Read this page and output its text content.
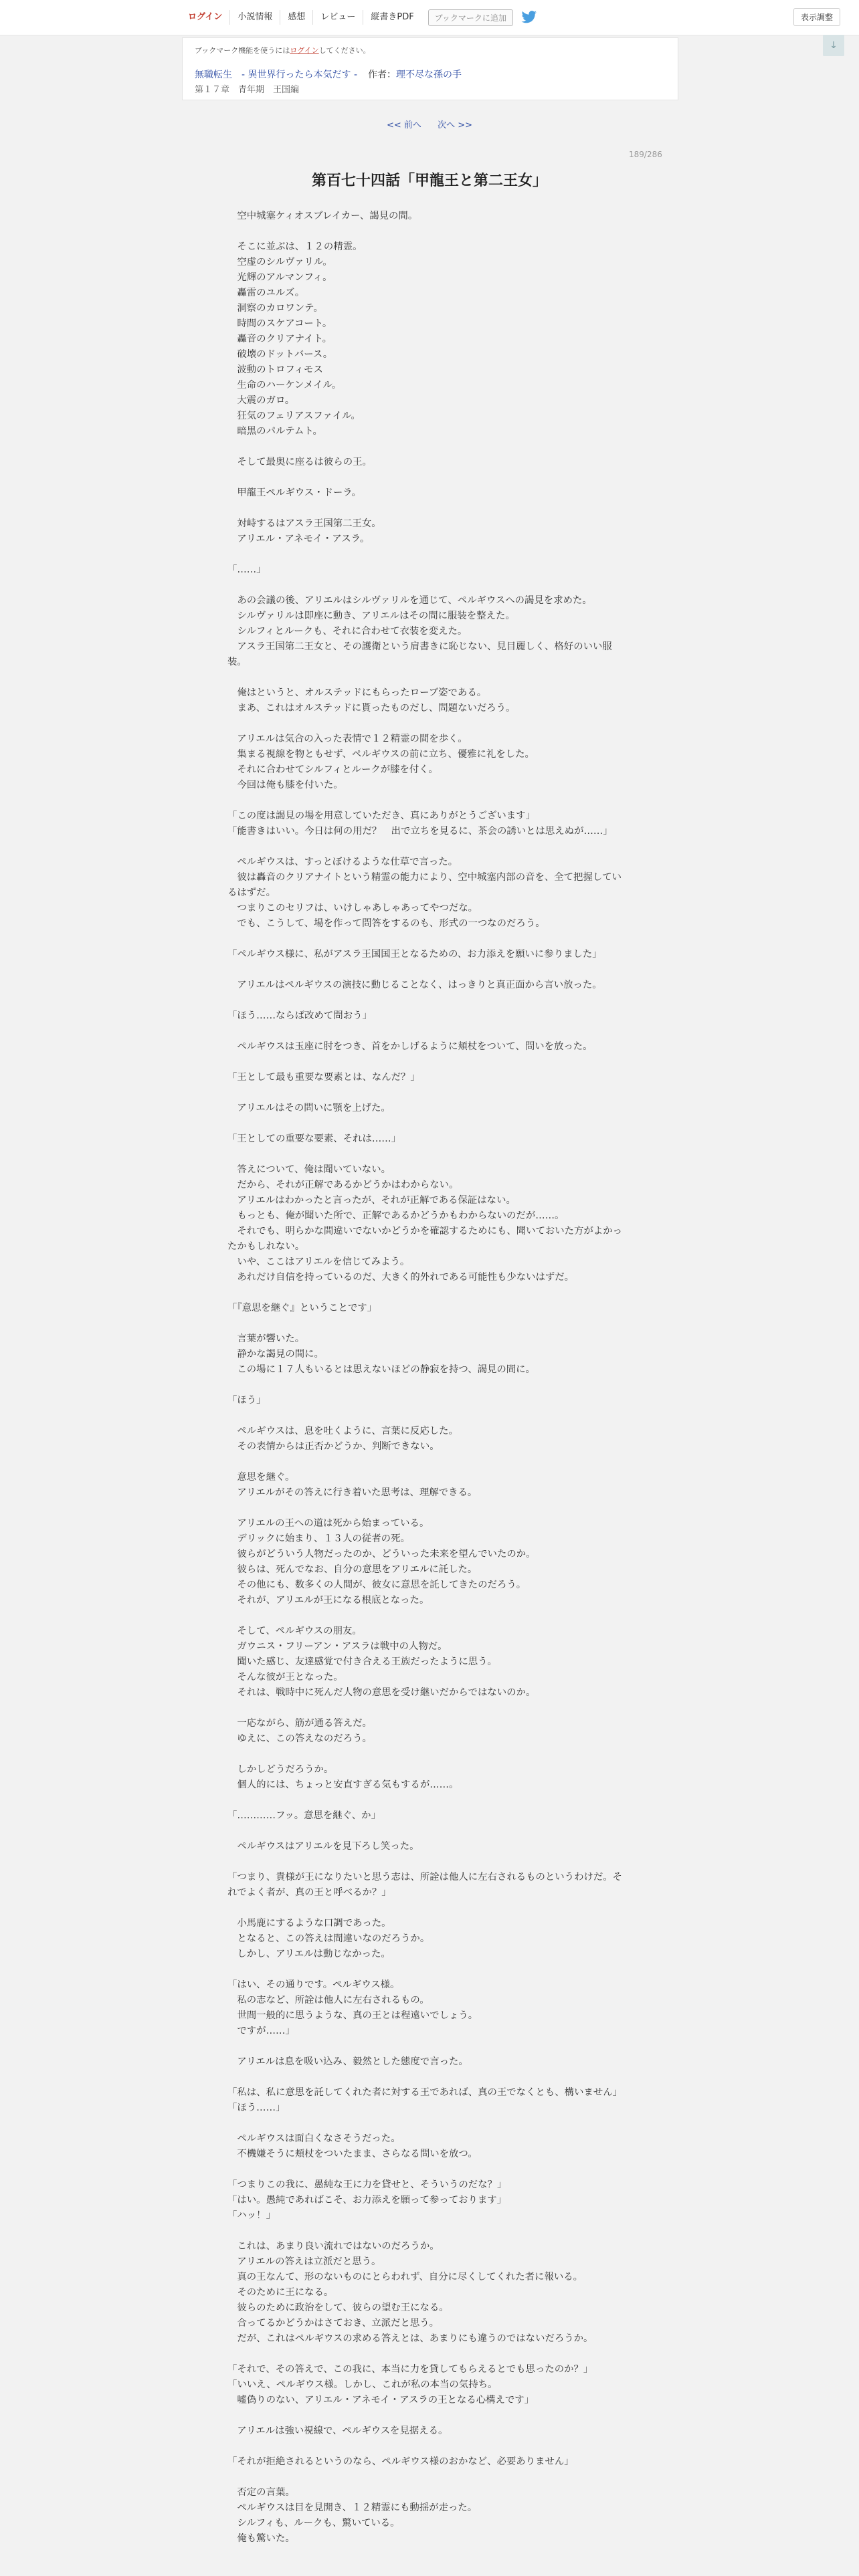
ログイン	小説情報	感想	レビュー	縦書きPDF	ブックマークに追加	表示調整
ブックマーク機能を使うにはログインしてください。
無職転生　- 異世界行ったら本気だす - 作者：理不尽な孫の手
第１７章　青年期　王国編
↓
<< 前へ 次へ >>
189/286
第百七十四話「甲龍王と第二王女」

　空中城塞ケィオスブレイカー、謁見の間。

　そこに並ぶは、１２の精霊。

　空虚のシルヴァリル。

　光輝のアルマンフィ。

　轟雷のユルズ。

　洞察のカロワンテ。

　時間のスケアコート。

　轟音のクリアナイト。

　破壊のドットバース。

　波動のトロフィモス

　生命のハーケンメイル。

　大震のガロ。

　狂気のフェリアスファイル。

　暗黒のパルテムト。

　そして最奥に座るは彼らの王。

　甲龍王ペルギウス・ドーラ。

　対峙するはアスラ王国第二王女。

　アリエル・アネモイ・アスラ。

「……」

　あの会議の後、アリエルはシルヴァリルを通じて、ペルギウスへの謁見を求めた。

　シルヴァリルは即座に動き、アリエルはその間に服装を整えた。

　シルフィとルークも、それに合わせて衣装を変えた。

　アスラ王国第二王女と、その護衛という肩書きに恥じない、見目麗しく、格好のいい服装。

　俺はというと、オルステッドにもらったローブ姿である。

　まあ、これはオルステッドに貰ったものだし、問題ないだろう。

　アリエルは気合の入った表情で１２精霊の間を歩く。

　集まる視線を物ともせず、ペルギウスの前に立ち、優雅に礼をした。

　それに合わせてシルフィとルークが膝を付く。

　今回は俺も膝を付いた。

「この度は謁見の場を用意していただき、真にありがとうございます」

「能書きはいい。今日は何の用だ？　出で立ちを見るに、茶会の誘いとは思えぬが……」

　ペルギウスは、すっとぼけるような仕草で言った。

　彼は轟音のクリアナイトという精霊の能力により、空中城塞内部の音を、全て把握しているはずだ。

　つまりこのセリフは、いけしゃあしゃあってやつだな。

　でも、こうして、場を作って問答をするのも、形式の一つなのだろう。

「ペルギウス様に、私がアスラ王国国王となるための、お力添えを願いに参りました」

　アリエルはペルギウスの演技に動じることなく、はっきりと真正面から言い放った。

「ほう……ならば改めて問おう」

　ペルギウスは玉座に肘をつき、首をかしげるように頬杖をついて、問いを放った。

「王として最も重要な要素とは、なんだ？」

　アリエルはその問いに顎を上げた。

「王としての重要な要素、それは……」

　答えについて、俺は聞いていない。

　だから、それが正解であるかどうかはわからない。

　アリエルはわかったと言ったが、それが正解である保証はない。

　もっとも、俺が聞いた所で、正解であるかどうかもわからないのだが……。

　それでも、明らかな間違いでないかどうかを確認するためにも、聞いておいた方がよかったかもしれない。

　いや、ここはアリエルを信じてみよう。

　あれだけ自信を持っているのだ、大きく的外れである可能性も少ないはずだ。

「『意思を継ぐ』ということです」

　言葉が響いた。

　静かな謁見の間に。

　この場に１７人もいるとは思えないほどの静寂を持つ、謁見の間に。

「ほう」

　ペルギウスは、息を吐くように、言葉に反応した。

　その表情からは正否かどうか、判断できない。

　意思を継ぐ。

　アリエルがその答えに行き着いた思考は、理解できる。

　アリエルの王への道は死から始まっている。

　デリックに始まり、１３人の従者の死。

　彼らがどういう人物だったのか、どういった未来を望んでいたのか。

　彼らは、死んでなお、自分の意思をアリエルに託した。

　その他にも、数多くの人間が、彼女に意思を託してきたのだろう。

　それが、アリエルが王になる根底となった。

　そして、ペルギウスの朋友。

　ガウニス・フリーアン・アスラは戦中の人物だ。

　聞いた感じ、友達感覚で付き合える王族だったように思う。

　そんな彼が王となった。

　それは、戦時中に死んだ人物の意思を受け継いだからではないのか。

　一応ながら、筋が通る答えだ。

　ゆえに、この答えなのだろう。

　しかしどうだろうか。

　個人的には、ちょっと安直すぎる気もするが……。

「…………フッ。意思を継ぐ、か」

　ペルギウスはアリエルを見下ろし笑った。

「つまり、貴様が王になりたいと思う志は、所詮は他人に左右されるものというわけだ。それでよく者が、真の王と呼べるか？」

　小馬鹿にするような口調であった。

　となると、この答えは間違いなのだろうか。

　しかし、アリエルは動じなかった。

「はい、その通りです。ペルギウス様。

　私の志など、所詮は他人に左右されるもの。

　世間一般的に思うような、真の王とは程遠いでしょう。

　ですが……」

　アリエルは息を吸い込み、毅然とした態度で言った。

「私は、私に意思を託してくれた者に対する王であれば、真の王でなくとも、構いません」

「ほう……」

　ペルギウスは面白くなさそうだった。

　不機嫌そうに頬杖をついたまま、さらなる問いを放つ。

「つまりこの我に、愚純な王に力を貸せと、そういうのだな？」

「はい。愚純であればこそ、お力添えを願って参っております」

「ハッ！」

　これは、あまり良い流れではないのだろうか。

　アリエルの答えは立派だと思う。

　真の王なんて、形のないものにとらわれず、自分に尽くしてくれた者に報いる。

　そのために王になる。

　彼らのために政治をして、彼らの望む王になる。

　合ってるかどうかはさておき、立派だと思う。

　だが、これはペルギウスの求める答えとは、あまりにも違うのではないだろうか。

「それで、その答えで、この我に、本当に力を貸してもらえるとでも思ったのか？」

「いいえ、ペルギウス様。しかし、これが私の本当の気持ち。

　嘘偽りのない、アリエル・アネモイ・アスラの王となる心構えです」

　アリエルは強い視線で、ペルギウスを見据える。

「それが拒絶されるというのなら、ペルギウス様のおかなど、必要ありません」

　否定の言葉。

　ペルギウスは目を見開き、１２精霊にも動揺が走った。

　シルフィも、ルークも、驚いている。

　俺も驚いた。
